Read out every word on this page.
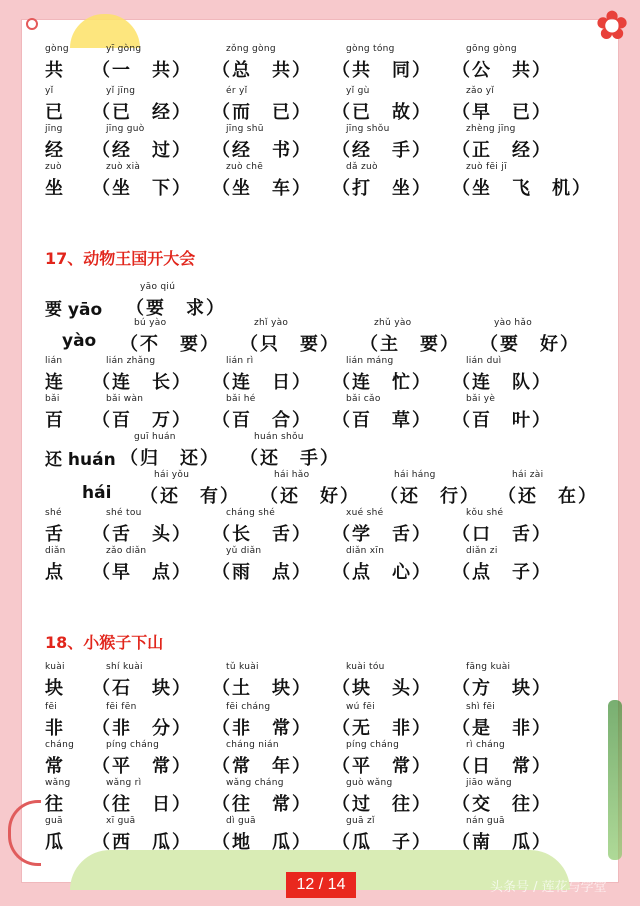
✿
gòng
共
yī gòng
（一　共）
zǒng gòng
（总　共）
gòng tóng
（共　同）
gōng gòng
（公　共）
yǐ
已
yǐ jīng
（已　经）
ér yǐ
（而　已）
yǐ gù
（已　故）
zǎo yǐ
（早　已）
jīng
经
jīng guò
（经　过）
jīng shū
（经　书）
jīng shǒu
（经　手）
zhèng jīng
（正　经）
zuò
坐
zuò xià
（坐　下）
zuò chē
（坐　车）
dǎ zuò
（打　坐）
zuò fēi jī
（坐　飞　机）
要 yāo
yāo qiú
（要　求）
yào
bú yào
（不　要）
zhǐ yào
（只　要）
zhǔ yào
（主　要）
yào hǎo
（要　好）
lián
连
lián zhǎng
（连　长）
lián rì
（连　日）
lián máng
（连　忙）
lián duì
（连　队）
bǎi
百
bǎi wàn
（百　万）
bǎi hé
（百　合）
bǎi cǎo
（百　草）
bǎi yè
（百　叶）
还 huán
guī huán
（归　还）
huán shǒu
（还　手）
hái
hái yǒu
（还　有）
hái hǎo
（还　好）
hái háng
（还　行）
hái zài
（还　在）
shé
舌
shé tou
（舌　头）
cháng shé
（长　舌）
xué shé
（学　舌）
kǒu shé
（口　舌）
diǎn
点
zǎo diǎn
（早　点）
yǔ diǎn
（雨　点）
diǎn xīn
（点　心）
diǎn zi
（点　子）
kuài
块
shí kuài
（石　块）
tǔ kuài
（土　块）
kuài tóu
（块　头）
fāng kuài
（方　块）
fēi
非
fēi fēn
（非　分）
fēi cháng
（非　常）
wú fēi
（无　非）
shì fēi
（是　非）
cháng
常
píng cháng
（平　常）
cháng nián
（常　年）
píng cháng
（平　常）
rì cháng
（日　常）
wǎng
往
wǎng rì
（往　日）
wǎng cháng
（往　常）
guò wǎng
（过　往）
jiāo wǎng
（交　往）
guā
瓜
xī guā
（西　瓜）
dì guā
（地　瓜）
guā zǐ
（瓜　子）
nán guā
（南　瓜）
17、动物王国开大会
18、小猴子下山
12 / 14	头条号 / 莲花与学堂
